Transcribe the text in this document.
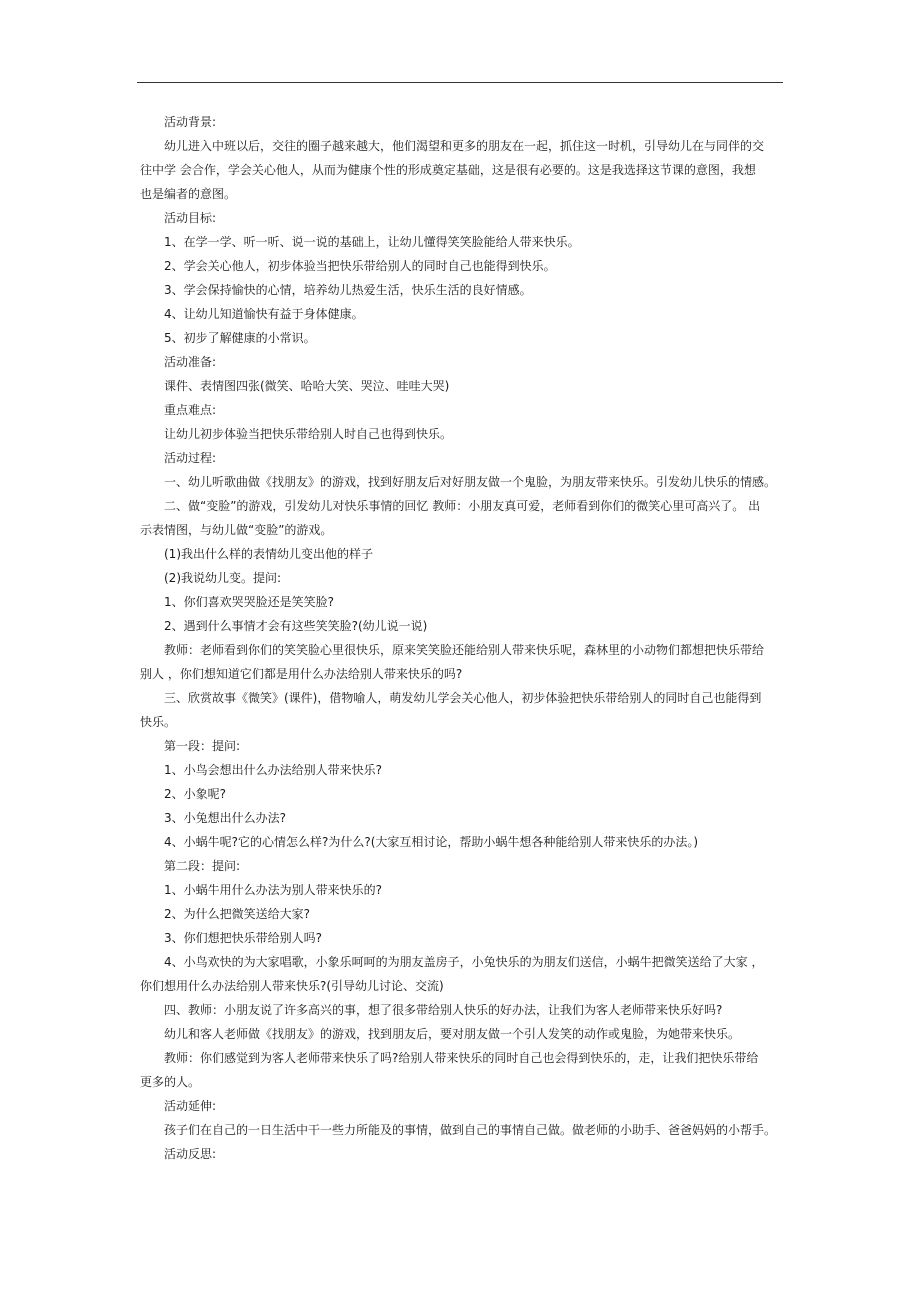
活动背景:
幼儿进入中班以后，交往的圈子越来越大，他们渴望和更多的朋友在一起，抓住这一时机，引导幼儿在与同伴的交
往中学 会合作，学会关心他人，从而为健康个性的形成奠定基础，这是很有必要的。这是我选择这节课的意图，我想
也是编者的意图。
活动目标:
1、在学一学、听一听、说一说的基础上，让幼儿懂得笑笑脸能给人带来快乐。
2、学会关心他人，初步体验当把快乐带给别人的同时自己也能得到快乐。
3、学会保持愉快的心情，培养幼儿热爱生活，快乐生活的良好情感。
4、让幼儿知道愉快有益于身体健康。
5、初步了解健康的小常识。
活动准备:
课件、表情图四张(微笑、哈哈大笑、哭泣、哇哇大哭)
重点难点:
让幼儿初步体验当把快乐带给别人时自己也得到快乐。
活动过程:
一、幼儿听歌曲做《找朋友》的游戏，找到好朋友后对好朋友做一个鬼脸，为朋友带来快乐。引发幼儿快乐的情感。
二、做“变脸”的游戏，引发幼儿对快乐事情的回忆 教师：小朋友真可爱，老师看到你们的微笑心里可高兴了。 出
示表情图，与幼儿做“变脸”的游戏。
(1)我出什么样的表情幼儿变出他的样子
(2)我说幼儿变。提问:
1、你们喜欢哭哭脸还是笑笑脸?
2、遇到什么事情才会有这些笑笑脸?(幼儿说一说)
教师：老师看到你们的笑笑脸心里很快乐，原来笑笑脸还能给别人带来快乐呢，森林里的小动物们都想把快乐带给
别人 ，你们想知道它们都是用什么办法给别人带来快乐的吗?
三、欣赏故事《微笑》(课件)，借物喻人，萌发幼儿学会关心他人，初步体验把快乐带给别人的同时自己也能得到
快乐。
第一段：提问:
1、小鸟会想出什么办法给别人带来快乐?
2、小象呢?
3、小兔想出什么办法?
4、小蜗牛呢?它的心情怎么样?为什么?(大家互相讨论，帮助小蜗牛想各种能给别人带来快乐的办法。)
第二段：提问:
1、小蜗牛用什么办法为别人带来快乐的?
2、为什么把微笑送给大家?
3、你们想把快乐带给别人吗?
4、小鸟欢快的为大家唱歌，小象乐呵呵的为朋友盖房子，小兔快乐的为朋友们送信，小蜗牛把微笑送给了大家 ，
你们想用什么办法给别人带来快乐?(引导幼儿讨论、交流)
四、教师：小朋友说了许多高兴的事，想了很多带给别人快乐的好办法，让我们为客人老师带来快乐好吗?
幼儿和客人老师做《找朋友》的游戏，找到朋友后，要对朋友做一个引人发笑的动作或鬼脸，为她带来快乐。
教师：你们感觉到为客人老师带来快乐了吗?给别人带来快乐的同时自己也会得到快乐的，走，让我们把快乐带给
更多的人。
活动延伸:
孩子们在自己的一日生活中干一些力所能及的事情，做到自己的事情自己做。做老师的小助手、爸爸妈妈的小帮手。
活动反思:
